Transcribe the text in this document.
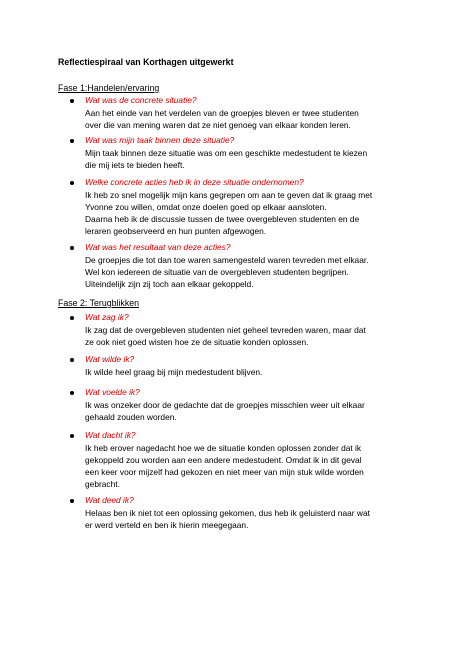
Reflectiespiraal van Korthagen uitgewerkt
Fase 1:Handelen/ervaring
Wat was de concrete situatie?
Aan het einde van het verdelen van de groepjes bleven er twee studenten
over die van mening waren dat ze niet genoeg van elkaar konden leren.
Wat was mijn taak binnen deze situatie?
Mijn taak binnen deze situatie was om een geschikte medestudent te kiezen
die mij iets te bieden heeft.
Welke concrete acties heb ik in deze situatie ondernomen?
Ik heb zo snel mogelijk mijn kans gegrepen om aan te geven dat ik graag met
Yvonne zou willen, omdat onze doelen goed op elkaar aansloten.
Daarna heb ik de discussie tussen de twee overgebleven studenten en de
leraren geobserveerd en hun punten afgewogen.
Wat was het resultaat van deze acties?
De groepjes die tot dan toe waren samengesteld waren tevreden met elkaar.
Wel kon iedereen de situatie van de overgebleven studenten begrijpen.
Uiteindelijk zijn zij toch aan elkaar gekoppeld.
Fase 2: Terugblikken
Wat zag ik?
Ik zag dat de overgebleven studenten niet geheel tevreden waren, maar dat
ze ook niet goed wisten hoe ze de situatie konden oplossen.
Wat wilde ik?
Ik wilde heel graag bij mijn medestudent blijven.
Wat voelde ik?
Ik was onzeker door de gedachte dat de groepjes misschien weer uit elkaar
gehaald zouden worden.
Wat dacht ik?
Ik heb erover nagedacht hoe we de situatie konden oplossen zonder dat ik
gekoppeld zou worden aan een andere medestudent. Omdat ik in dit geval
een keer voor mijzelf had gekozen en niet meer van mijn stuk wilde worden
gebracht.
Wat deed ik?
Helaas ben ik niet tot een oplossing gekomen, dus heb ik geluisterd naar wat
er werd verteld en ben ik hierin meegegaan.
